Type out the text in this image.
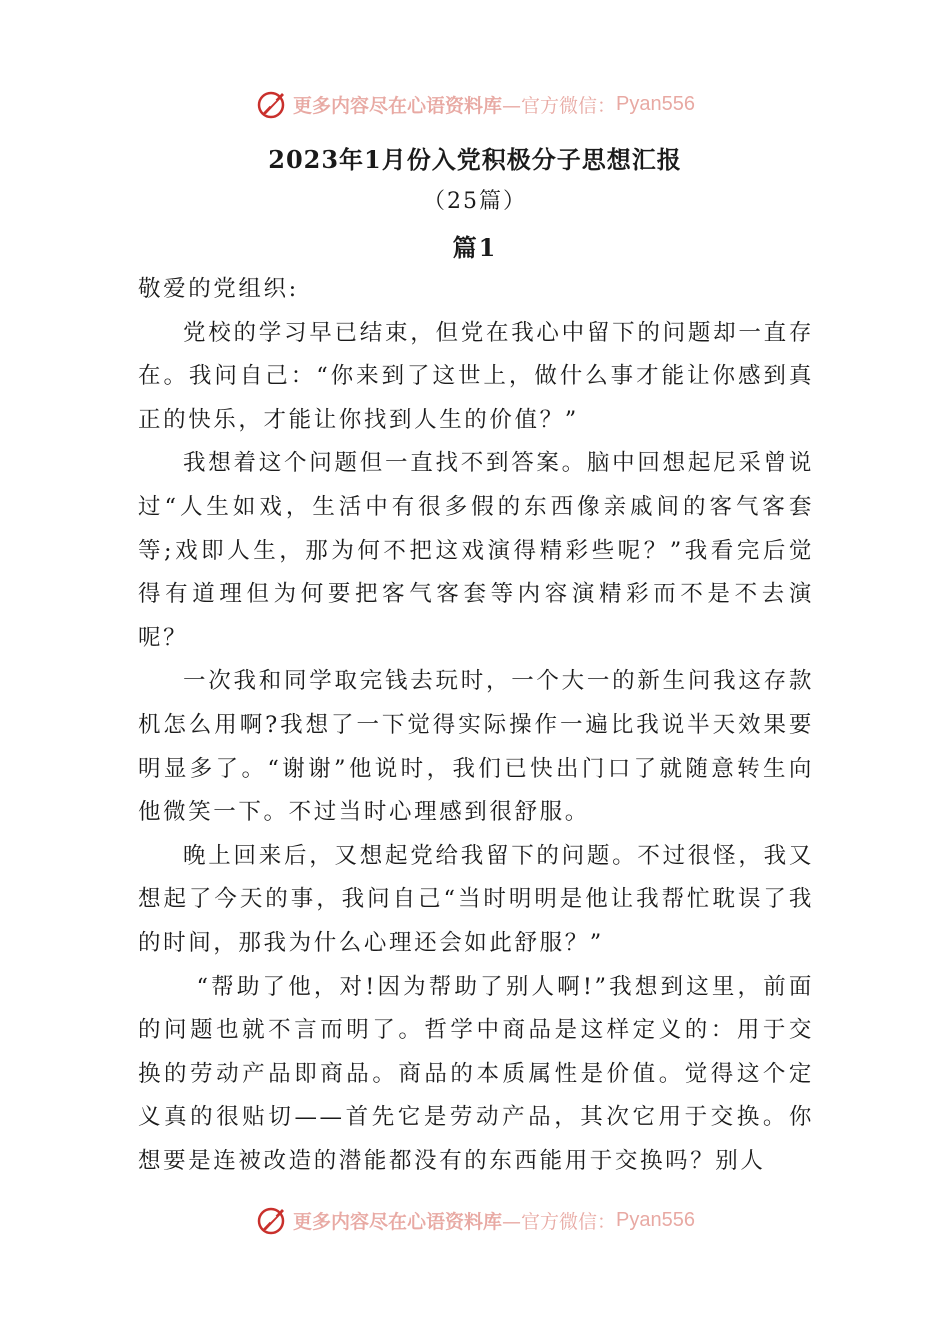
更多内容尽在心语资料库 —官方微信： Pyan556
2023年1月份入党积极分子思想汇报
（25篇）
篇1

敬爱的党组织:

党校的学习早已结束，但党在我心中留下的问题却一直存在。我问自己：“你来到了这世上，做什么事才能让你感到真正的快乐，才能让你找到人生的价值？”

我想着这个问题但一直找不到答案。脑中回想起尼采曾说过“人生如戏，生活中有很多假的东西像亲戚间的客气客套等;戏即人生，那为何不把这戏演得精彩些呢？”我看完后觉得有道理但为何要把客气客套等内容演精彩而不是不去演呢？

一次我和同学取完钱去玩时，一个大一的新生问我这存款机怎么用啊?我想了一下觉得实际操作一遍比我说半天效果要明显多了。“谢谢”他说时，我们已快出门口了就随意转生向他微笑一下。不过当时心理感到很舒服。

晚上回来后，又想起党给我留下的问题。不过很怪，我又想起了今天的事，我问自己“当时明明是他让我帮忙耽误了我的时间，那我为什么心理还会如此舒服？”

“帮助了他，对!因为帮助了别人啊!”我想到这里，前面的问题也就不言而明了。哲学中商品是这样定义的：用于交换的劳动产品即商品。商品的本质属性是价值。觉得这个定义真的很贴切——首先它是劳动产品，其次它用于交换。你想要是连被改造的潜能都没有的东西能用于交换吗？别人

更多内容尽在心语资料库 —官方微信： Pyan556
